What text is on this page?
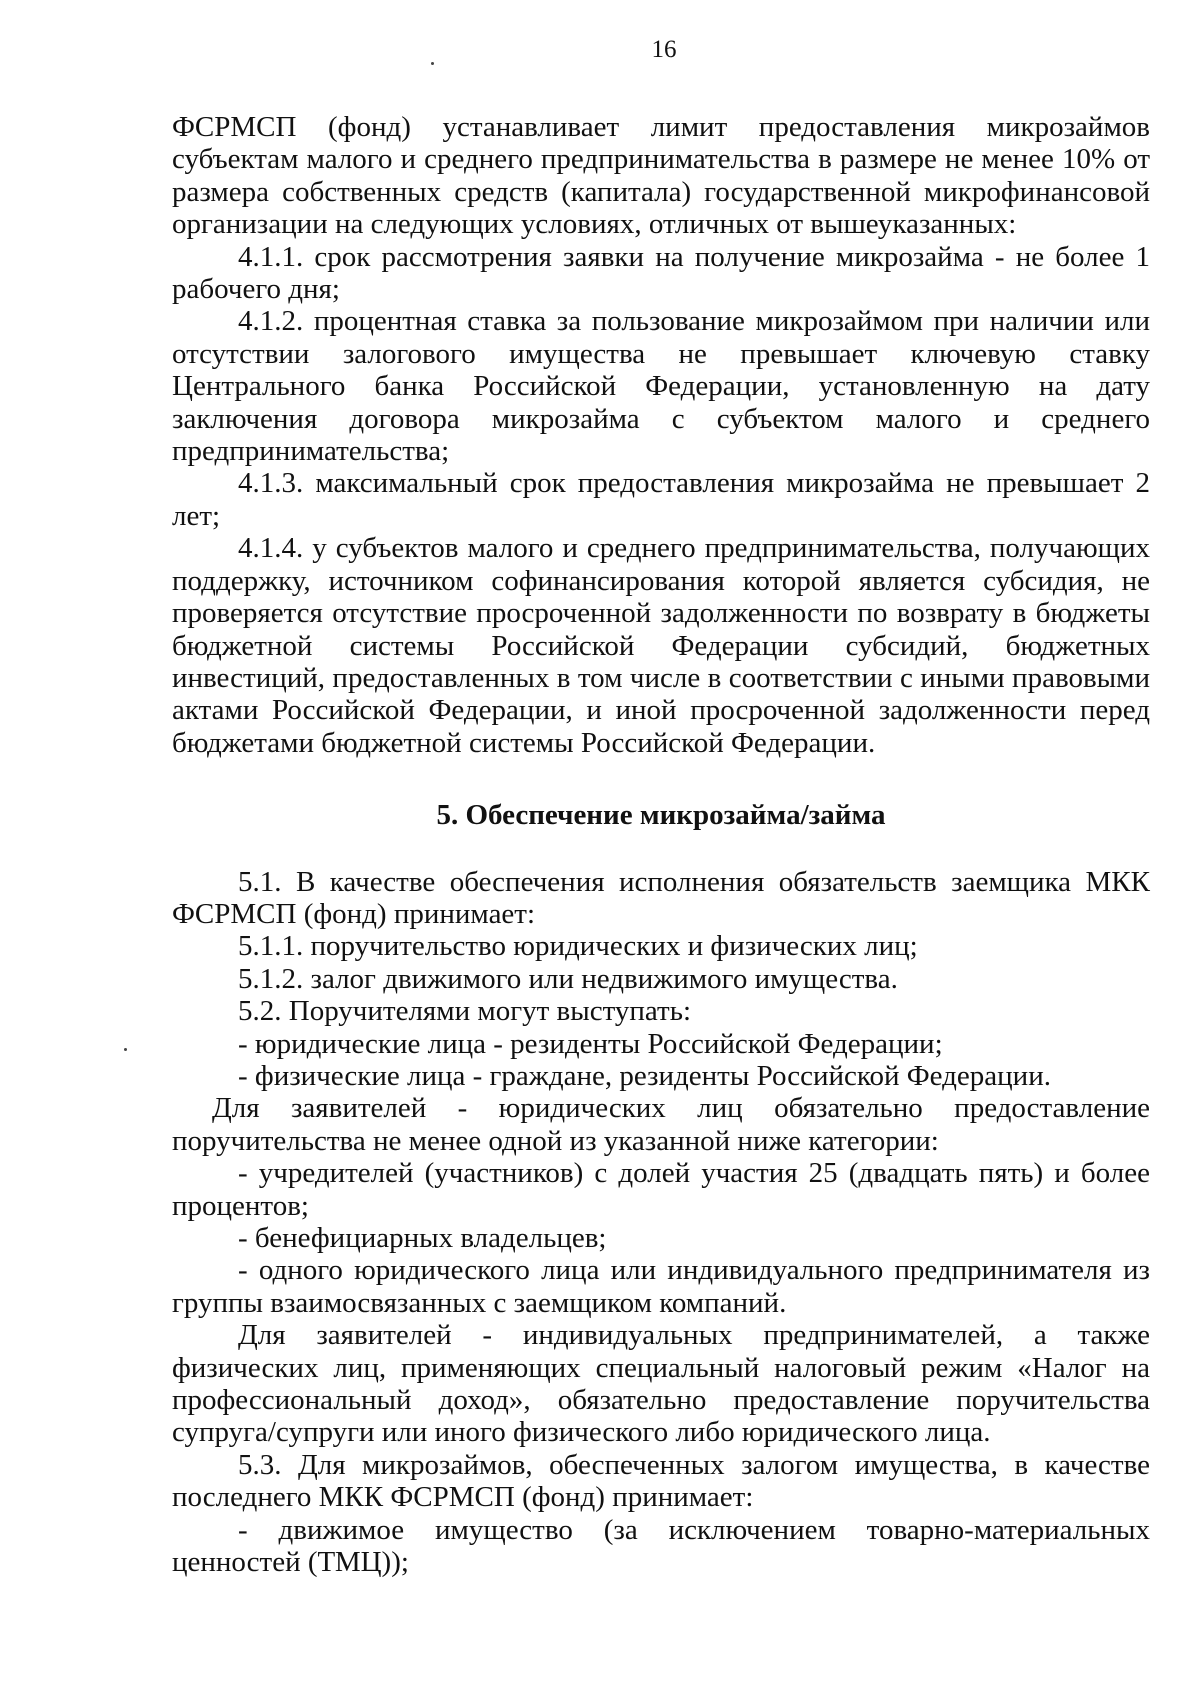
16

ФСРМСП (фонд) устанавливает лимит предоставления микрозаймов субъектам малого и среднего предпринимательства в размере не менее 10% от размера собственных средств (капитала) государственной микрофинансовой организации на следующих условиях, отличных от вышеуказанных:

4.1.1. срок рассмотрения заявки на получение микрозайма - не более 1 рабочего дня;

4.1.2. процентная ставка за пользование микрозаймом при наличии или отсутствии залогового имущества не превышает ключевую ставку Центрального банка Российской Федерации, установленную на дату заключения договора микрозайма с субъектом малого и среднего предпринимательства;

4.1.3. максимальный срок предоставления микрозайма не превышает 2 лет;

4.1.4. у субъектов малого и среднего предпринимательства, получающих поддержку, источником софинансирования которой является субсидия, не проверяется отсутствие просроченной задолженности по возврату в бюджеты бюджетной системы Российской Федерации субсидий, бюджетных инвестиций, предоставленных в том числе в соответствии с иными правовыми актами Российской Федерации, и иной просроченной задолженности перед бюджетами бюджетной системы Российской Федерации.

5. Обеспечение микрозайма/займа

5.1. В качестве обеспечения исполнения обязательств заемщика МКК ФСРМСП (фонд) принимает:

5.1.1. поручительство юридических и физических лиц;

5.1.2. залог движимого или недвижимого имущества.

5.2. Поручителями могут выступать:

- юридические лица - резиденты Российской Федерации;

- физические лица - граждане, резиденты Российской Федерации.

Для заявителей - юридических лиц обязательно предоставление поручительства не менее одной из указанной ниже категории:

- учредителей (участников) с долей участия 25 (двадцать пять) и более процентов;

- бенефициарных владельцев;

- одного юридического лица или индивидуального предпринимателя из группы взаимосвязанных с заемщиком компаний.

Для заявителей - индивидуальных предпринимателей, а также физических лиц, применяющих специальный налоговый режим «Налог на профессиональный доход», обязательно предоставление поручительства супруга/супруги или иного физического либо юридического лица.

5.3. Для микрозаймов, обеспеченных залогом имущества, в качестве последнего МКК ФСРМСП (фонд) принимает:

- движимое имущество (за исключением товарно-материальных ценностей (ТМЦ));
